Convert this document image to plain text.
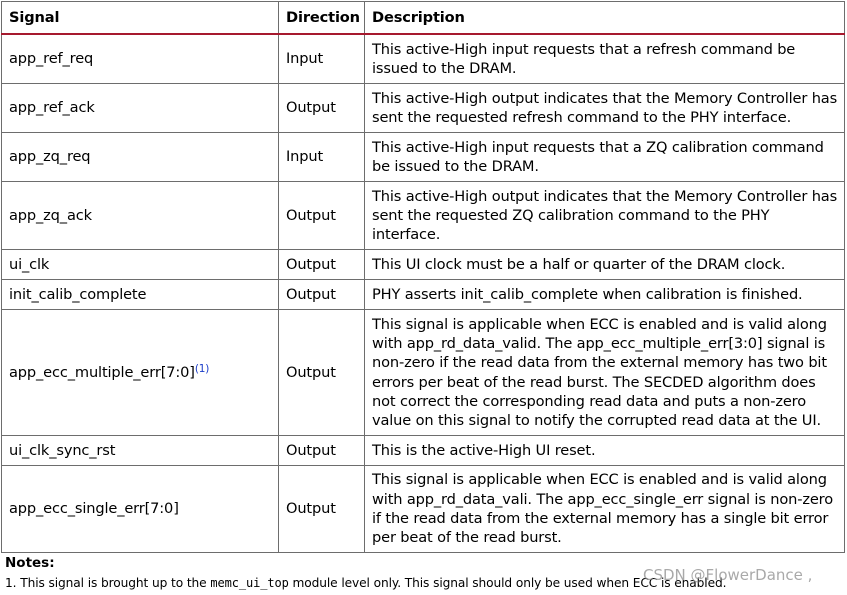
Signal	Direction	Description
app_ref_req	Input	This active-High input requests that a refresh command be issued to the DRAM.
app_ref_ack	Output	This active-High output indicates that the Memory Controller has sent the requested refresh command to the PHY interface.
app_zq_req	Input	This active-High input requests that a ZQ calibration command be issued to the DRAM.
app_zq_ack	Output	This active-High output indicates that the Memory Controller has sent the requested ZQ calibration command to the PHY interface.
ui_clk	Output	This UI clock must be a half or quarter of the DRAM clock.
init_calib_complete	Output	PHY asserts init_calib_complete when calibration is finished.
app_ecc_multiple_err[7:0]$^{(1)}$	Output	This signal is applicable when ECC is enabled and is valid along with app_rd_data_valid. The app_ecc_multiple_err[3:0] signal is non-zero if the read data from the external memory has two bit errors per beat of the read burst. The SECDED algorithm does not correct the corresponding read data and puts a non-zero value on this signal to notify the corrupted read data at the UI.
ui_clk_sync_rst	Output	This is the active-High UI reset.
app_ecc_single_err[7:0]	Output	This signal is applicable when ECC is enabled and is valid along with app_rd_data_vali. The app_ecc_single_err signal is non-zero if the read data from the external memory has a single bit error per beat of the read burst.
Notes:
1. This signal is brought up to the memc_ui_top module level only. This signal should only be used when ECC is enabled.
CSDN @FlowerDance ,
